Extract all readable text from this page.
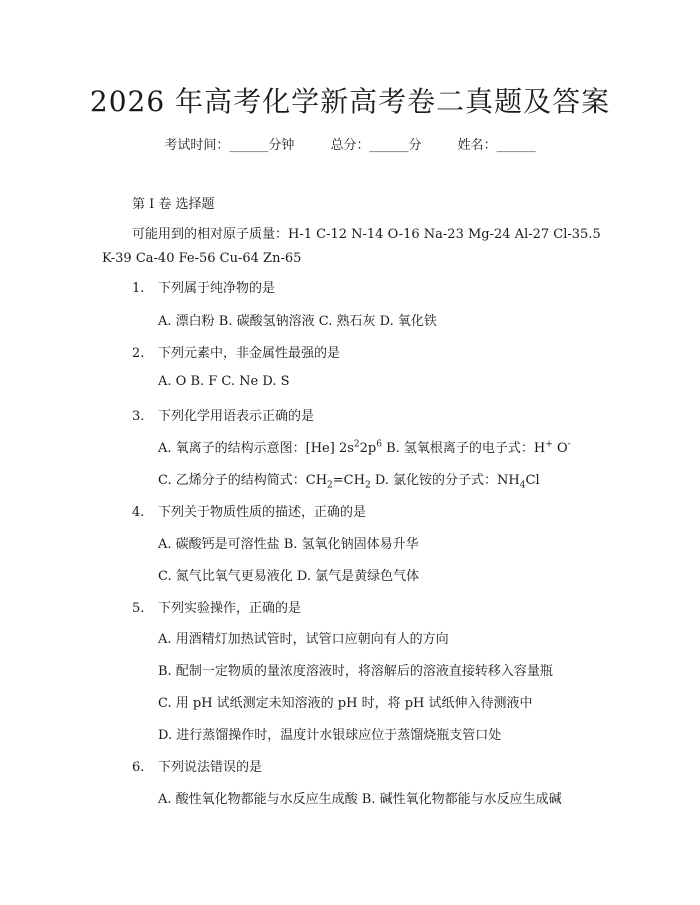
2026 年高考化学新高考卷二真题及答案
考试时间：______分钟	总分：______分	姓名：______
第 I 卷 选择题
可能用到的相对原子质量：H-1 C-12 N-14 O-16 Na-23 Mg-24 Al-27 Cl-35.5
K-39 Ca-40 Fe-56 Cu-64 Zn-65
1. 下列属于纯净物的是
A. 漂白粉 B. 碳酸氢钠溶液 C. 熟石灰 D. 氧化铁
2. 下列元素中，非金属性最强的是
A. O B. F C. Ne D. S
3. 下列化学用语表示正确的是
A. 氧离子的结构示意图：[He] $2s^22p^6$ B. 氢氧根离子的电子式：H+ O-
C. 乙烯分子的结构简式：$CH_2=CH_2$ D. 氯化铵的分子式：$NH_4Cl$
4. 下列关于物质性质的描述，正确的是
A. 碳酸钙是可溶性盐 B. 氢氧化钠固体易升华
C. 氮气比氧气更易液化 D. 氯气是黄绿色气体
5. 下列实验操作，正确的是
A. 用酒精灯加热试管时，试管口应朝向有人的方向
B. 配制一定物质的量浓度溶液时，将溶解后的溶液直接转移入容量瓶
C. 用 pH 试纸测定未知溶液的 pH 时，将 pH 试纸伸入待测液中
D. 进行蒸馏操作时，温度计水银球应位于蒸馏烧瓶支管口处
6. 下列说法错误的是
A. 酸性氧化物都能与水反应生成酸 B. 碱性氧化物都能与水反应生成碱
